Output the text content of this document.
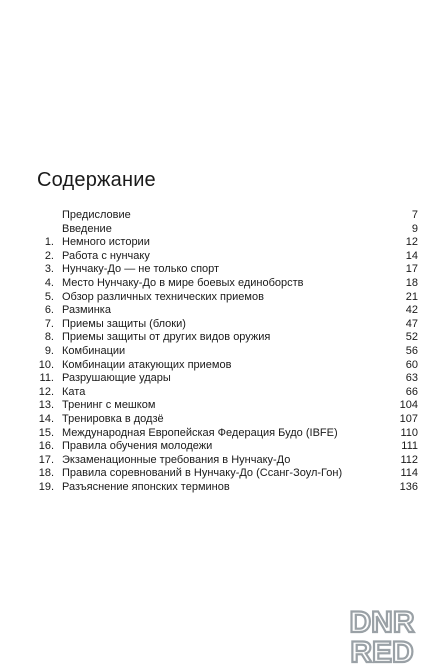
Содержание
Предисловие	7
Введение	9
1. Немного истории	12
2. Работа с нунчаку	14
3. Нунчаку-До — не только спорт	17
4. Место Нунчаку-До в мире боевых единоборств	18
5. Обзор различных технических приемов	21
6. Разминка	42
7. Приемы защиты (блоки)	47
8. Приемы защиты от других видов оружия	52
9. Комбинации	56
10. Комбинации атакующих приемов	60
11. Разрушающие удары	63
12. Ката	66
13. Тренинг с мешком	104
14. Тренировка в додзё	107
15. Международная Европейская Федерация Будо (IBFE)	110
16. Правила обучения молодежи	111
17. Экзаменационные требования в Нунчаку-До	112
18. Правила соревнований в Нунчаку-До (Ссанг-Зоул-Гон)	114
19. Разъяснение японских терминов	136
DNR
RED
